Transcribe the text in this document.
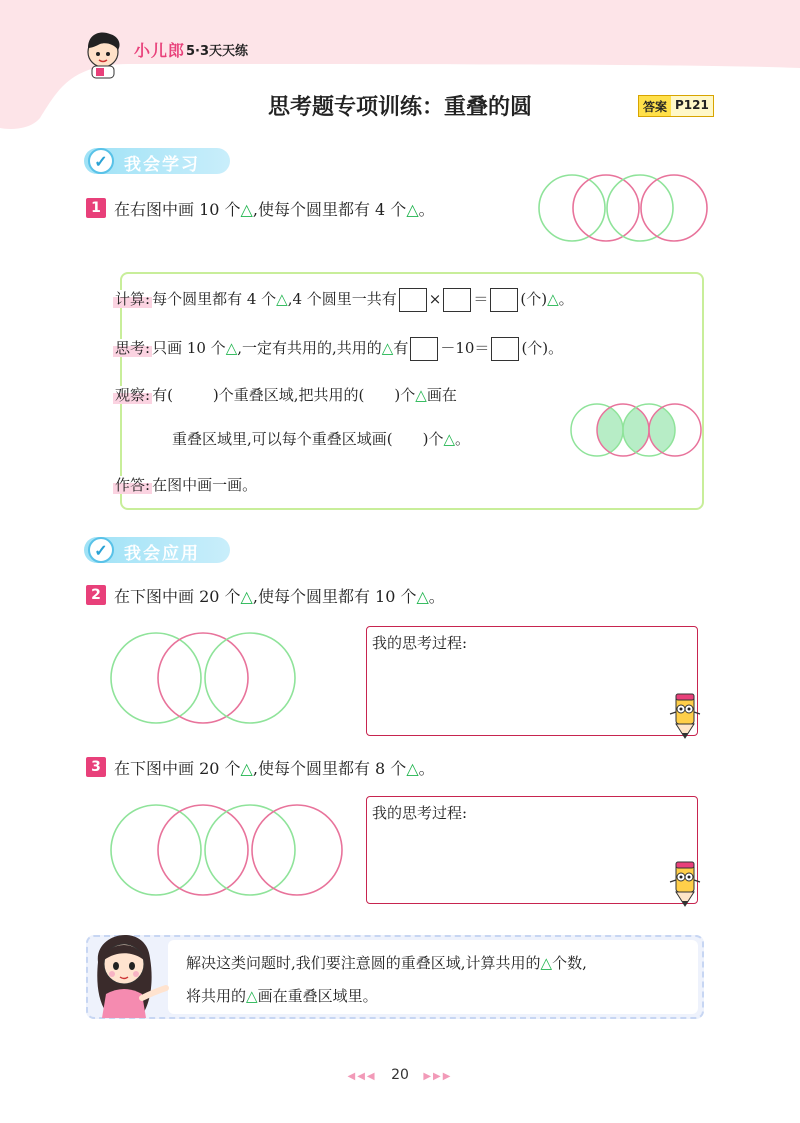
小儿郎 5·3天天练
思考题专项训练：重叠的圆	答案 P121
✓ 我会学习
1 在右图中画 10 个△,使每个圆里都有 4 个△。
计算: 每个圆里都有 4 个△,4 个圆里一共有 × ＝ (个)△。
思考: 只画 10 个△,一定有共用的,共用的△有 －10＝ (个)。
观察: 有(	)个重叠区域,把共用的( )个△画在
重叠区域里,可以每个重叠区域画( )个△。
作答: 在图中画一画。
✓ 我会应用
2 在下图中画 20 个△,使每个圆里都有 10 个△。
我的思考过程:
3 在下图中画 20 个△,使每个圆里都有 8 个△。
我的思考过程:
解决这类问题时,我们要注意圆的重叠区域,计算共用的△个数,
将共用的△画在重叠区域里。
◀◀◀ 20 ▶▶▶
